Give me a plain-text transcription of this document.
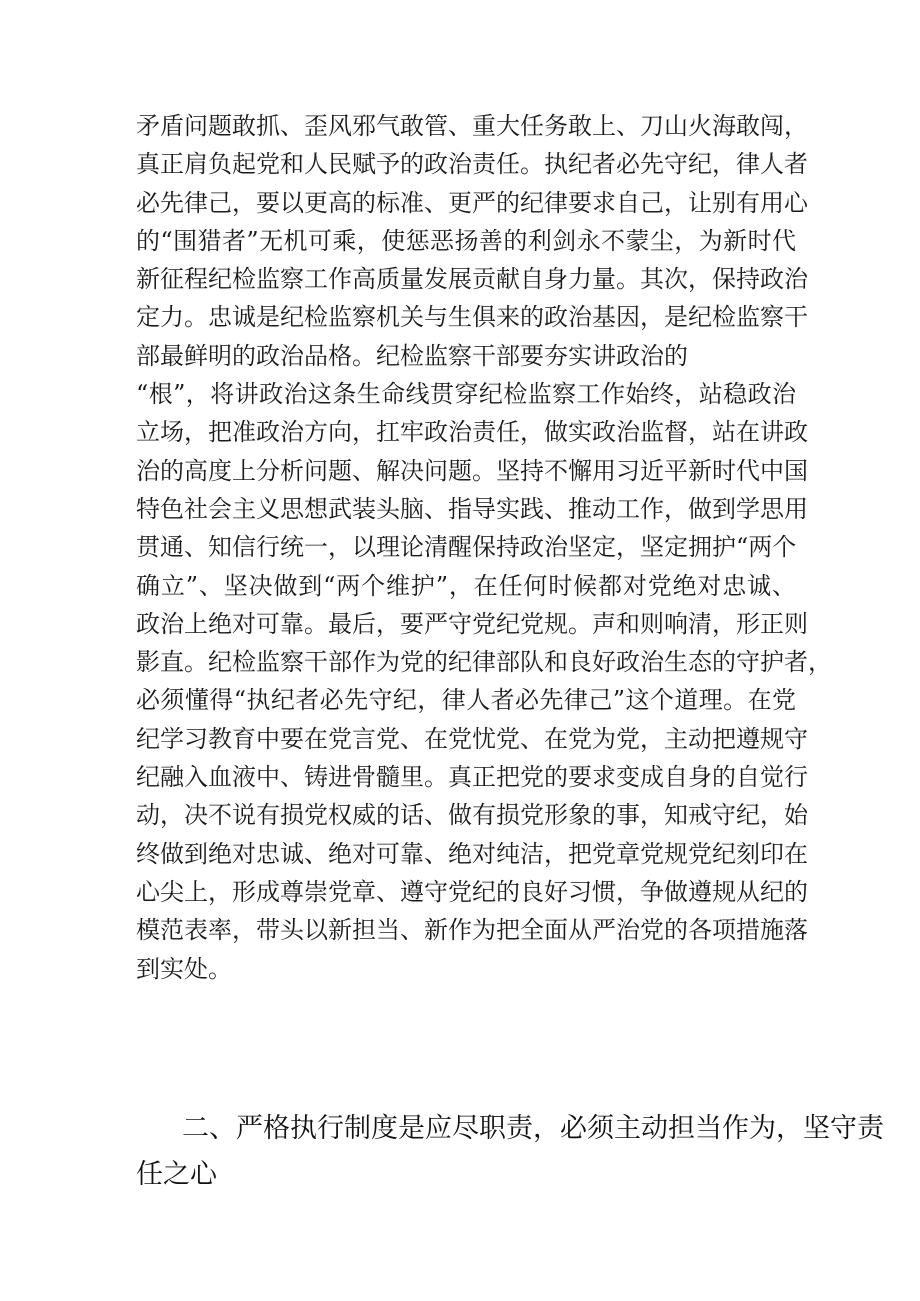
矛盾问题敢抓、歪风邪气敢管、重大任务敢上、刀山火海敢闯，
真正肩负起党和人民赋予的政治责任。执纪者必先守纪，律人者
必先律己，要以更高的标准、更严的纪律要求自己，让别有用心
的“围猎者”无机可乘，使惩恶扬善的利剑永不蒙尘，为新时代
新征程纪检监察工作高质量发展贡献自身力量。其次，保持政治
定力。忠诚是纪检监察机关与生俱来的政治基因，是纪检监察干
部最鲜明的政治品格。纪检监察干部要夯实讲政治的
“根”，将讲政治这条生命线贯穿纪检监察工作始终，站稳政治
立场，把准政治方向，扛牢政治责任，做实政治监督，站在讲政
治的高度上分析问题、解决问题。坚持不懈用习近平新时代中国
特色社会主义思想武装头脑、指导实践、推动工作，做到学思用
贯通、知信行统一，以理论清醒保持政治坚定，坚定拥护“两个
确立”、坚决做到“两个维护”，在任何时候都对党绝对忠诚、
政治上绝对可靠。最后，要严守党纪党规。声和则响清，形正则
影直。纪检监察干部作为党的纪律部队和良好政治生态的守护者，
必须懂得“执纪者必先守纪，律人者必先律己”这个道理。在党
纪学习教育中要在党言党、在党忧党、在党为党，主动把遵规守
纪融入血液中、铸进骨髓里。真正把党的要求变成自身的自觉行
动，决不说有损党权威的话、做有损党形象的事，知戒守纪，始
终做到绝对忠诚、绝对可靠、绝对纯洁，把党章党规党纪刻印在
心尖上，形成尊崇党章、遵守党纪的良好习惯，争做遵规从纪的
模范表率，带头以新担当、新作为把全面从严治党的各项措施落
到实处。
二、严格执行制度是应尽职责，必须主动担当作为，坚守责
任之心
